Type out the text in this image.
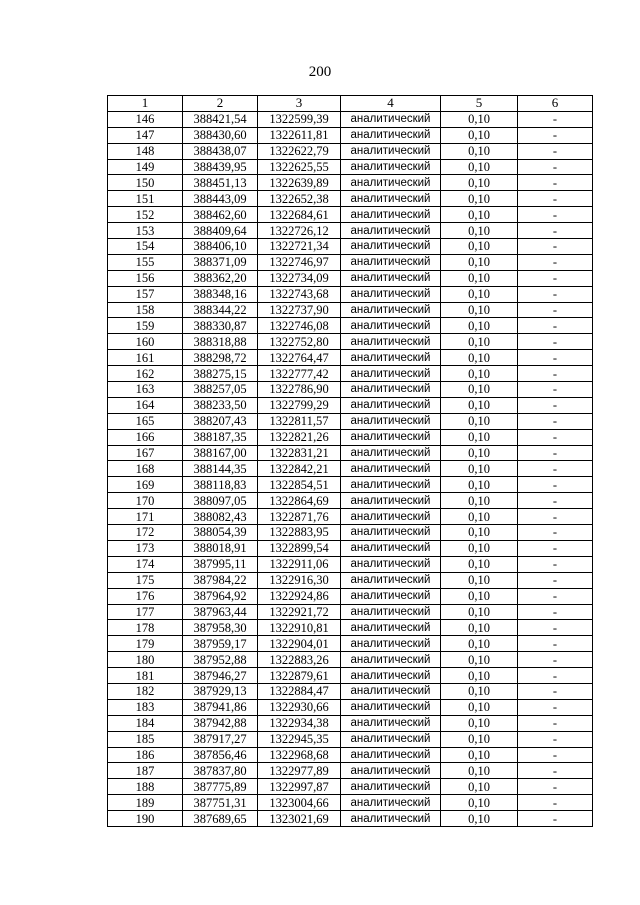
200
1	2	3	4	5	6
146	388421,54	1322599,39	аналитический	0,10	-
147	388430,60	1322611,81	аналитический	0,10	-
148	388438,07	1322622,79	аналитический	0,10	-
149	388439,95	1322625,55	аналитический	0,10	-
150	388451,13	1322639,89	аналитический	0,10	-
151	388443,09	1322652,38	аналитический	0,10	-
152	388462,60	1322684,61	аналитический	0,10	-
153	388409,64	1322726,12	аналитический	0,10	-
154	388406,10	1322721,34	аналитический	0,10	-
155	388371,09	1322746,97	аналитический	0,10	-
156	388362,20	1322734,09	аналитический	0,10	-
157	388348,16	1322743,68	аналитический	0,10	-
158	388344,22	1322737,90	аналитический	0,10	-
159	388330,87	1322746,08	аналитический	0,10	-
160	388318,88	1322752,80	аналитический	0,10	-
161	388298,72	1322764,47	аналитический	0,10	-
162	388275,15	1322777,42	аналитический	0,10	-
163	388257,05	1322786,90	аналитический	0,10	-
164	388233,50	1322799,29	аналитический	0,10	-
165	388207,43	1322811,57	аналитический	0,10	-
166	388187,35	1322821,26	аналитический	0,10	-
167	388167,00	1322831,21	аналитический	0,10	-
168	388144,35	1322842,21	аналитический	0,10	-
169	388118,83	1322854,51	аналитический	0,10	-
170	388097,05	1322864,69	аналитический	0,10	-
171	388082,43	1322871,76	аналитический	0,10	-
172	388054,39	1322883,95	аналитический	0,10	-
173	388018,91	1322899,54	аналитический	0,10	-
174	387995,11	1322911,06	аналитический	0,10	-
175	387984,22	1322916,30	аналитический	0,10	-
176	387964,92	1322924,86	аналитический	0,10	-
177	387963,44	1322921,72	аналитический	0,10	-
178	387958,30	1322910,81	аналитический	0,10	-
179	387959,17	1322904,01	аналитический	0,10	-
180	387952,88	1322883,26	аналитический	0,10	-
181	387946,27	1322879,61	аналитический	0,10	-
182	387929,13	1322884,47	аналитический	0,10	-
183	387941,86	1322930,66	аналитический	0,10	-
184	387942,88	1322934,38	аналитический	0,10	-
185	387917,27	1322945,35	аналитический	0,10	-
186	387856,46	1322968,68	аналитический	0,10	-
187	387837,80	1322977,89	аналитический	0,10	-
188	387775,89	1322997,87	аналитический	0,10	-
189	387751,31	1323004,66	аналитический	0,10	-
190	387689,65	1323021,69	аналитический	0,10	-
